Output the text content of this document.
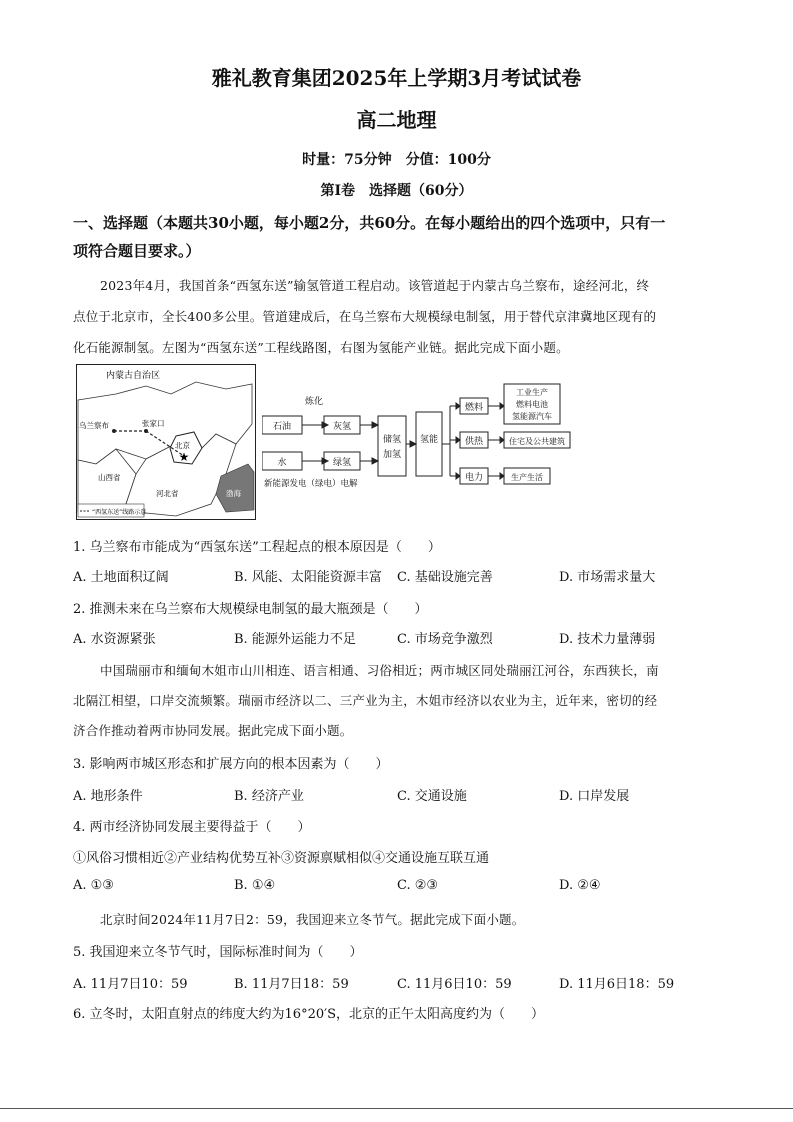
雅礼教育集团2025年上学期3月考试试卷
高二地理
时量：75分钟　分值：100分
第Ⅰ卷　选择题（60分）
一、选择题（本题共30小题，每小题2分，共60分。在每小题给出的四个选项中，只有一
项符合题目要求。）
2023年4月，我国首条“西氢东送”输氢管道工程启动。该管道起于内蒙古乌兰察布，途经河北，终
点位于北京市，全长400多公里。管道建成后，在乌兰察布大规模绿电制氢，用于替代京津冀地区现有的
化石能源制氢。左图为“西氢东送”工程线路图，右图为氢能产业链。据此完成下面小题。
★
内蒙古自治区
乌兰察布	张家口
北京
山西省
河北省	渤海
“西氢东送”线路示意
石油
水
灰氢
绿氢
炼化
储氢
加氢
氢能
燃料
供热
电力
工业生产
燃料电池
氢能源汽车
住宅及公共建筑
生产生活
新能源发电（绿电）电解
1. 乌兰察布市能成为“西氢东送”工程起点的根本原因是（　　）
A. 土地面积辽阔	B. 风能、太阳能资源丰富 C. 基础设施完善	D. 市场需求量大
2. 推测未来在乌兰察布大规模绿电制氢的最大瓶颈是（　　）
A. 水资源紧张	B. 能源外运能力不足	C. 市场竞争激烈	D. 技术力量薄弱
中国瑞丽市和缅甸木姐市山川相连、语言相通、习俗相近；两市城区同处瑞丽江河谷，东西狭长，南
北隔江相望，口岸交流频繁。瑞丽市经济以二、三产业为主，木姐市经济以农业为主，近年来，密切的经
济合作推动着两市协同发展。据此完成下面小题。
3. 影响两市城区形态和扩展方向的根本因素为（　　）
A. 地形条件	B. 经济产业	C. 交通设施	D. 口岸发展
4. 两市经济协同发展主要得益于（　　）
①风俗习惯相近②产业结构优势互补③资源禀赋相似④交通设施互联互通
A. ①③	B. ①④	C. ②③	D. ②④
北京时间2024年11月7日2：59，我国迎来立冬节气。据此完成下面小题。
5. 我国迎来立冬节气时，国际标准时间为（　　）
A. 11月7日10：59	B. 11月7日18：59	C. 11月6日10：59	D. 11月6日18：59
6. 立冬时，太阳直射点的纬度大约为16°20′S，北京的正午太阳高度约为（　　）
